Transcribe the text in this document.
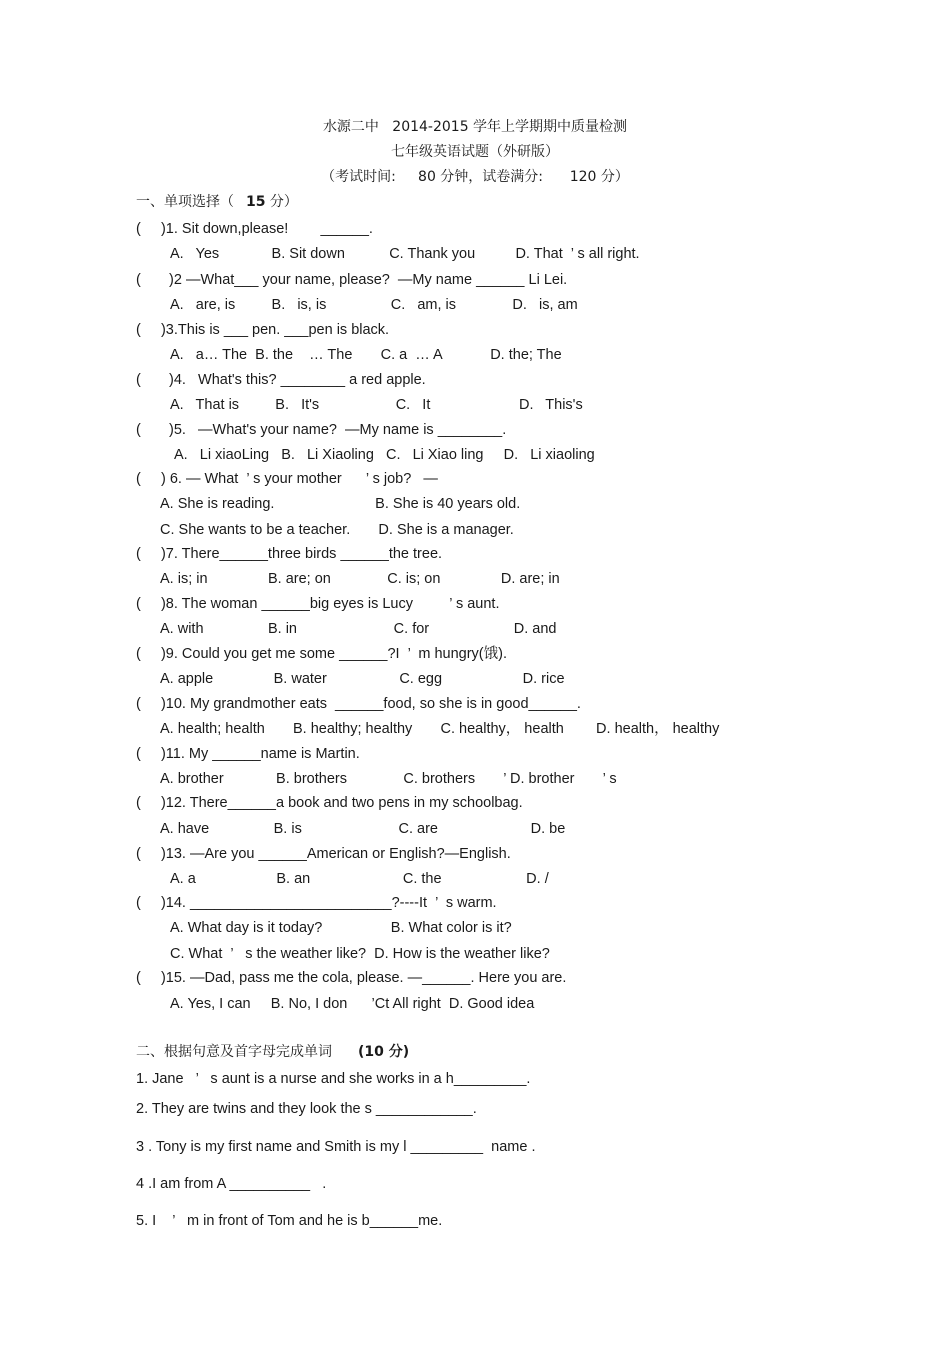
水源二中   2014-2015 学年上学期期中质量检测
七年级英语试题（外研版）
（考试时间:     80 分钟，试卷满分:      120 分）
一、单项选择（ 15 分）
(     )1. Sit down,please!        ______.
A.   Yes             B. Sit down           C. Thank you          D. That  ’ s all right.
(       )2 —What___ your name, please?  —My name ______ Li Lei.
A.   are, is         B.   is, is                C.   am, is              D.   is, am
(     )3.This is ___ pen. ___pen is black.
A.   a… The  B. the    … The       C. a  … A            D. the; The
(       )4.   What's this? ________ a red apple.
A.   That is         B.   It's                   C.   It                      D.   This's
(       )5.   —What's your name?  —My name is ________.
A.   Li xiaoLing   B.   Li Xiaoling   C.   Li Xiao ling     D.   Li xiaoling
(     ) 6. — What  ’ s your mother      ’ s job?   —
A. She is reading.                         B. She is 40 years old.
C. She wants to be a teacher.       D. She is a manager.
(     )7. There______three birds ______the tree.
A. is; in               B. are; on              C. is; on               D. are; in
(     )8. The woman ______big eyes is Lucy         ’ s aunt.
A. with                B. in                        C. for                     D. and
(     )9. Could you get me some ______?I  ’  m hungry(饿).
A. apple               B. water                  C. egg                    D. rice
(     )10. My grandmother eats  ______food, so she is in good______.
A. health; health       B. healthy; healthy       C. healthy， health        D. health， healthy
(     )11. My ______name is Martin.
A. brother             B. brothers              C. brothers       ’ D. brother       ’ s
(     )12. There______a book and two pens in my schoolbag.
A. have                B. is                        C. are                       D. be
(     )13. —Are you ______American or English?—English.
A. a                    B. an                       C. the                     D. /
(     )14. _________________________?----It  ’  s warm.
A. What day is it today?                 B. What color is it?
C. What  ’   s the weather like?  D. How is the weather like?
(     )15. —Dad, pass me the cola, please. —______. Here you are.
A. Yes, I can     B. No, I don      ’Ct All right  D. Good idea
二、根据句意及首字母完成单词 (10 分)
1. Jane   ’   s aunt is a nurse and she works in a h_________.
2. They are twins and they look the s ____________.
3 . Tony is my first name and Smith is my l _________  name .
4 .I am from A __________   .
5. I    ’   m in front of Tom and he is b______me.
